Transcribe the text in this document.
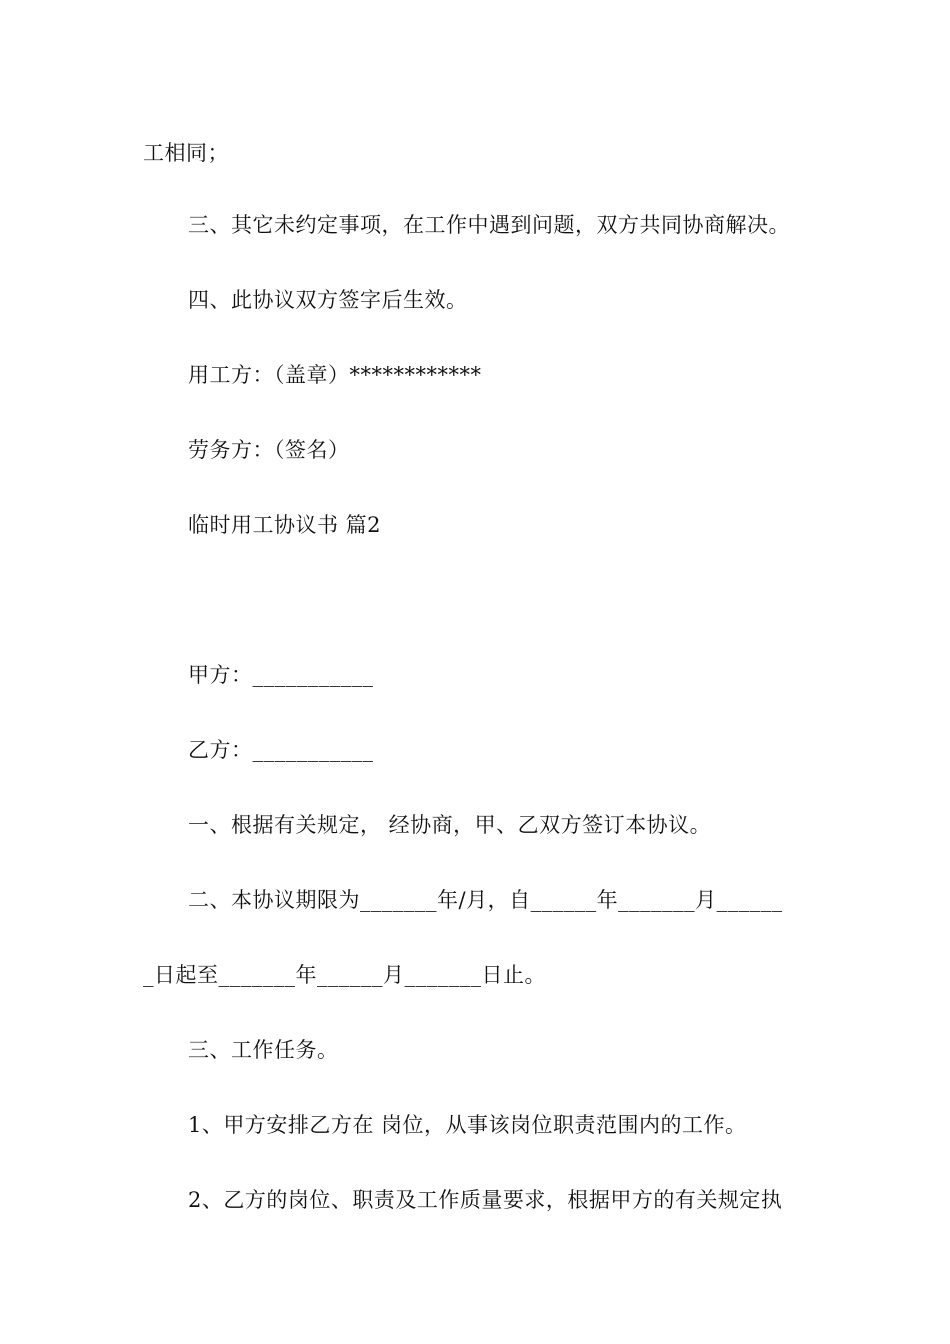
工相同；
三、其它未约定事项，在工作中遇到问题，双方共同协商解决。
四、此协议双方签字后生效。
用工方：（盖章）************
劳务方：（签名）
临时用工协议书 篇2
甲方：___________
乙方：___________
一、根据有关规定， 经协商，甲、乙双方签订本协议。
二、本协议期限为_______年/月，自______年_______月______
_日起至_______年______月_______日止。
三、工作任务。
1、甲方安排乙方在 岗位，从事该岗位职责范围内的工作。
2、乙方的岗位、职责及工作质量要求，根据甲方的有关规定执
